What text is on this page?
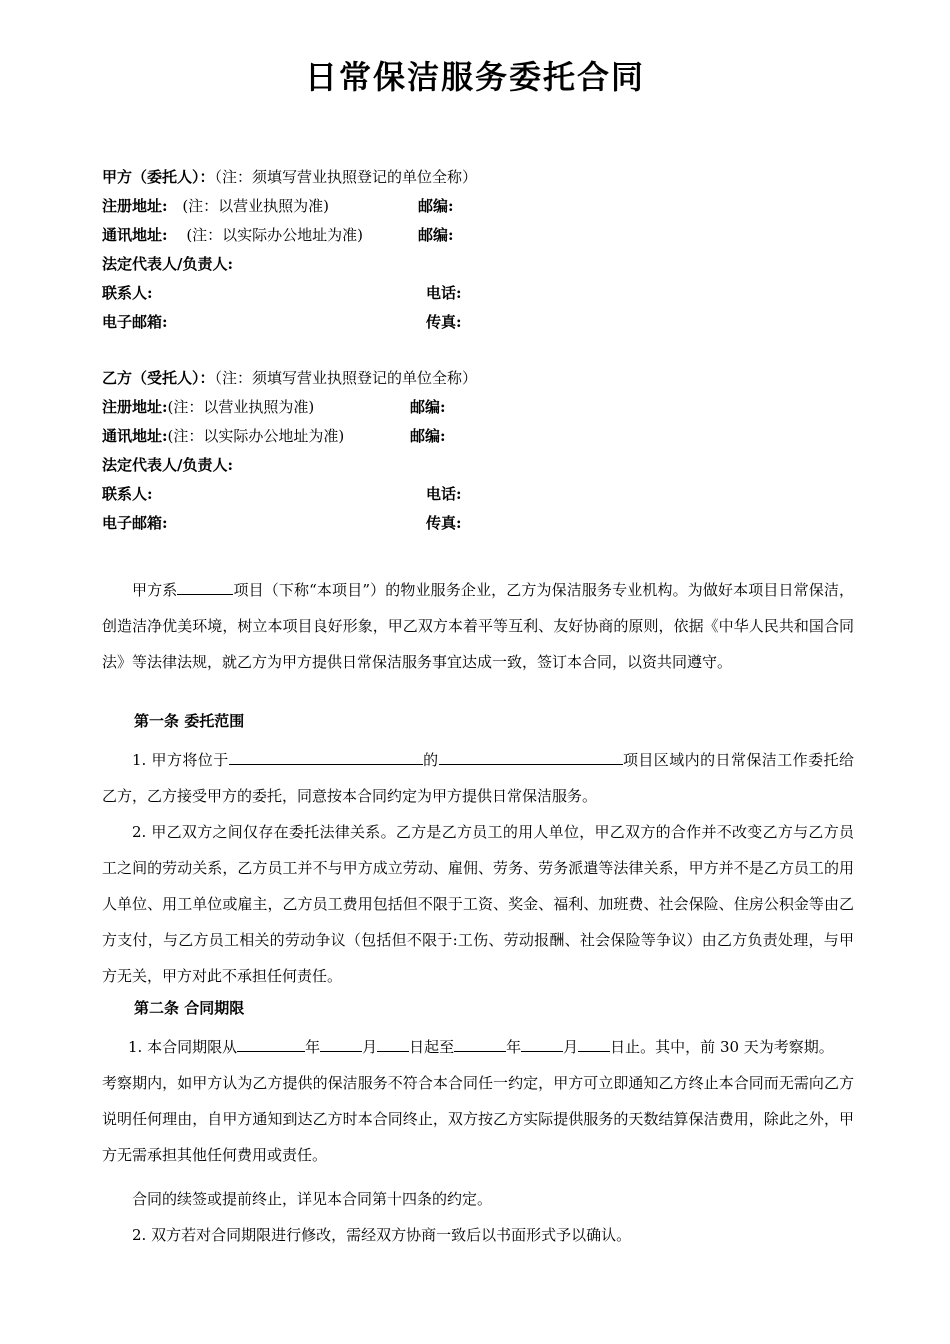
日常保洁服务委托合同
甲方（委托人）：（注：须填写营业执照登记的单位全称）
注册地址: (注：以营业执照为准)	邮编:
通讯地址: (注：以实际办公地址为准)	邮编:
法定代表人/负责人:
联系人:	电话:
电子邮箱:	传真:
乙方（受托人）：（注：须填写营业执照登记的单位全称）
注册地址:(注：以营业执照为准)	邮编:
通讯地址:(注：以实际办公地址为准)	邮编:
法定代表人/负责人:
联系人:	电话:
电子邮箱:	传真:

甲方系	项目（下称“本项目”）的物业服务企业，乙方为保洁服务专业机构。为做好本项目日常保洁，创造洁净优美环境，树立本项目良好形象，甲乙双方本着平等互利、友好协商的原则，依据《中华人民共和国合同法》等法律法规，就乙方为甲方提供日常保洁服务事宜达成一致，签订本合同，以资共同遵守。

第一条 委托范围

1. 甲方将位于	的	项目区域内的日常保洁工作委托给乙方，乙方接受甲方的委托，同意按本合同约定为甲方提供日常保洁服务。

2. 甲乙双方之间仅存在委托法律关系。乙方是乙方员工的用人单位，甲乙双方的合作并不改变乙方与乙方员工之间的劳动关系，乙方员工并不与甲方成立劳动、雇佣、劳务、劳务派遣等法律关系，甲方并不是乙方员工的用人单位、用工单位或雇主，乙方员工费用包括但不限于工资、奖金、福利、加班费、社会保险、住房公积金等由乙方支付，与乙方员工相关的劳动争议（包括但不限于:工伤、劳动报酬、社会保险等争议）由乙方负责处理，与甲方无关，甲方对此不承担任何责任。

第二条 合同期限

1. 本合同期限从	年	月 日起至	年	月 日止。其中，前 30 天为考察期。

考察期内，如甲方认为乙方提供的保洁服务不符合本合同任一约定，甲方可立即通知乙方终止本合同而无需向乙方说明任何理由，自甲方通知到达乙方时本合同终止，双方按乙方实际提供服务的天数结算保洁费用，除此之外，甲方无需承担其他任何费用或责任。

合同的续签或提前终止，详见本合同第十四条的约定。

2. 双方若对合同期限进行修改，需经双方协商一致后以书面形式予以确认。
